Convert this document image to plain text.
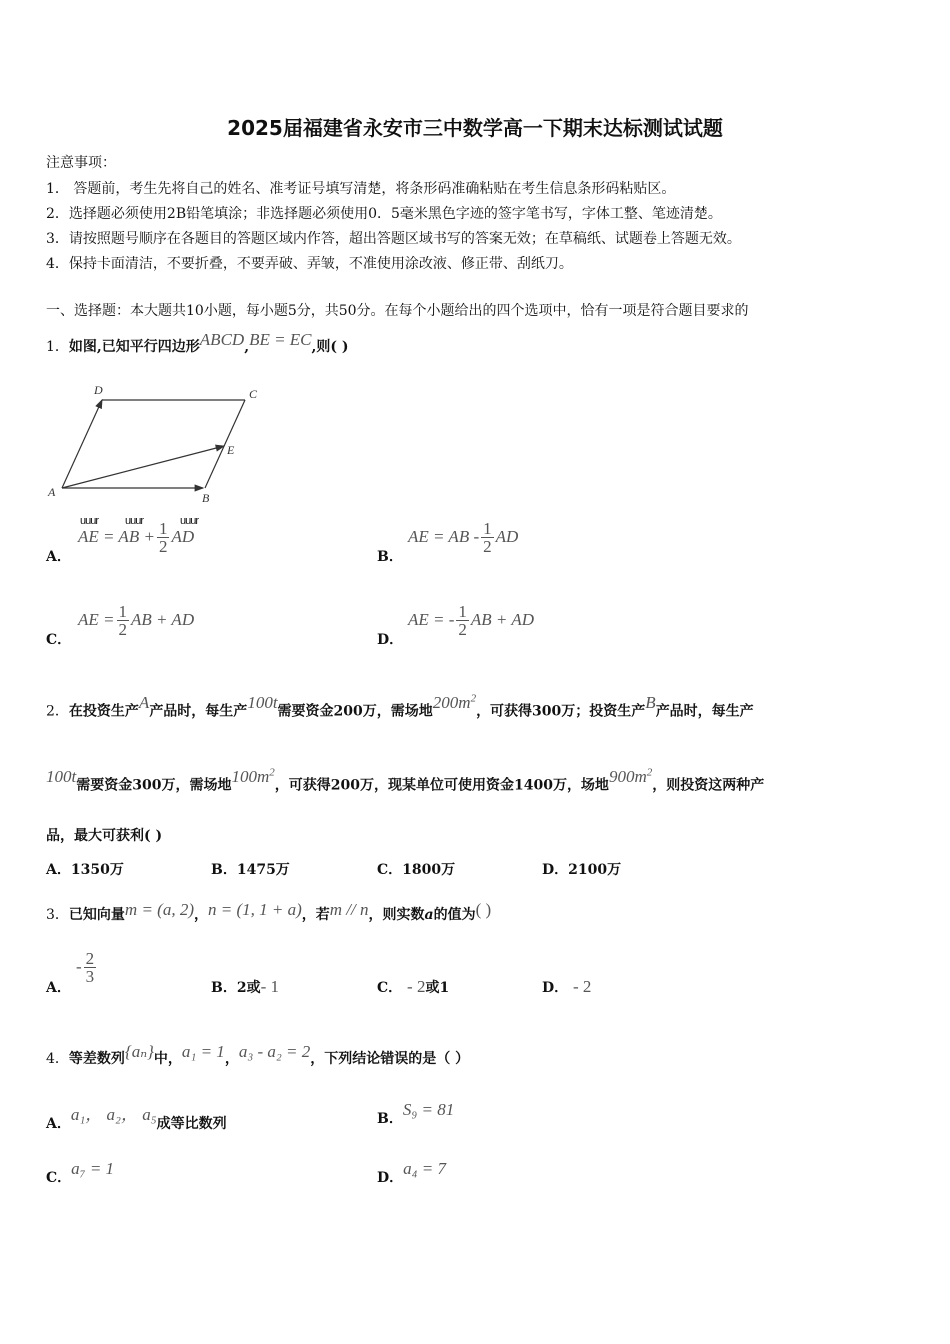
2025届福建省永安市三中数学高一下期末达标测试试题
注意事项：
1． 答题前，考生先将自己的姓名、准考证号填写清楚，将条形码准确粘贴在考生信息条形码粘贴区。
2．选择题必须使用2B铅笔填涂；非选择题必须使用0．5毫米黑色字迹的签字笔书写，字体工整、笔迹清楚。
3．请按照题号顺序在各题目的答题区域内作答，超出答题区域书写的答案无效；在草稿纸、试题卷上答题无效。
4．保持卡面清洁，不要折叠，不要弄破、弄皱，不准使用涂改液、修正带、刮纸刀。
一、选择题：本大题共10小题，每小题5分，共50分。在每个小题给出的四个选项中，恰有一项是符合题目要求的
1．如图,已知平行四边形ABCD,BE = EC,则( )
D	C
E
A	B
uuur uuur	uuur
A．
AE = AB + $\frac{1}{2}$ AD
B．
AE = AB - $\frac{1}{2}$ AD
C．
AE = $\frac{1}{2}$ AB + AD
D．
AE = - $\frac{1}{2}$ AB + AD
2．在投资生产A产品时，每生产100t需要资金200万，需场地$200m^2$，可获得300万；投资生产B产品时，每生产
100t需要资金300万，需场地$100m^2$，可获得200万，现某单位可使用资金1400万，场地$900m^2$，则投资这两种产
品，最大可获利( )
A．1350万	B．1475万	C．1800万	D．2100万
3．已知向量m = (a, 2)，n = (1, 1 + a)，若m // n，则实数a的值为( )
A．
- $\frac{2}{3}$
B．2或- 1	C． - 2或1	D． - 2
4．等差数列{aₙ}中，a₁ = 1，a₃ - a₂ = 2，下列结论错误的是（ ）
A．a₁， a₂， a₅成等比数列	B．S₉ = 81
C．a₇ = 1	D．a₄ = 7
